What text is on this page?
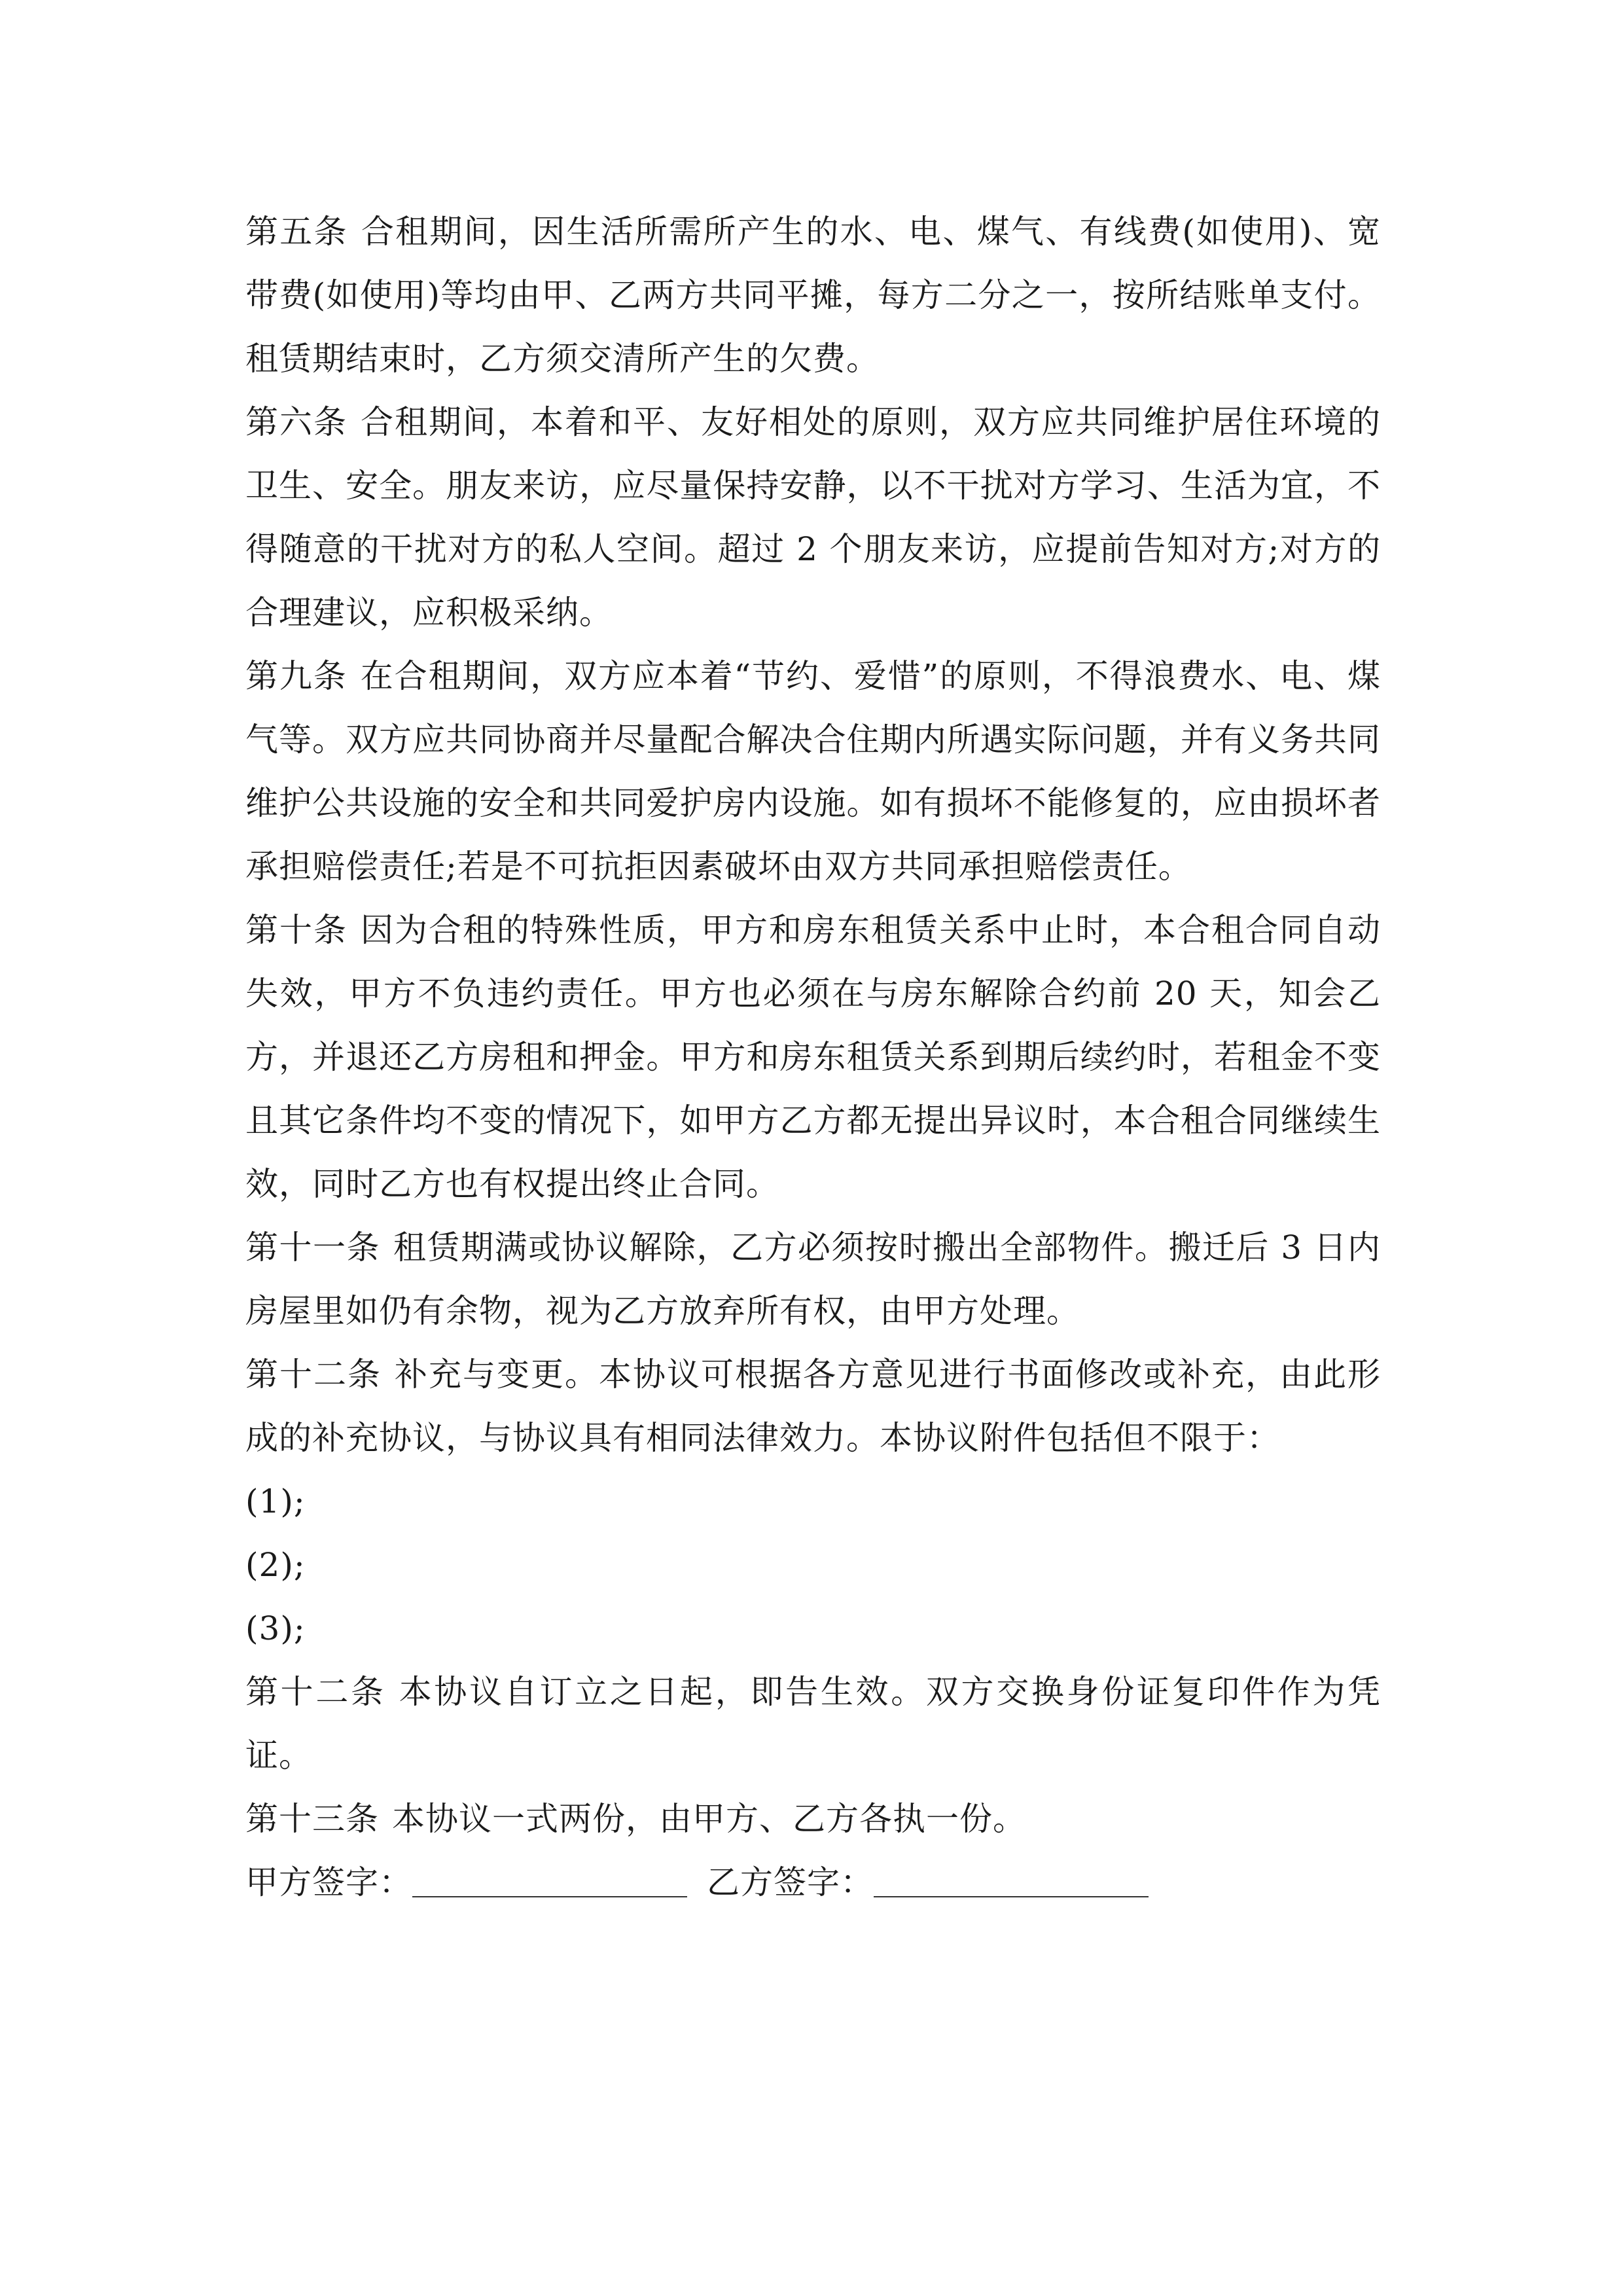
第五条 合租期间，因生活所需所产生的水、电、煤气、有线费(如使用)、宽带费(如使用)等均由甲、乙两方共同平摊，每方二分之一，按所结账单支付。租赁期结束时，乙方须交清所产生的欠费。

第六条 合租期间，本着和平、友好相处的原则，双方应共同维护居住环境的卫生、安全。朋友来访，应尽量保持安静，以不干扰对方学习、生活为宜，不得随意的干扰对方的私人空间。超过 2 个朋友来访，应提前告知对方;对方的合理建议，应积极采纳。

第九条 在合租期间，双方应本着“节约、爱惜”的原则，不得浪费水、电、煤气等。双方应共同协商并尽量配合解决合住期内所遇实际问题，并有义务共同维护公共设施的安全和共同爱护房内设施。如有损坏不能修复的，应由损坏者承担赔偿责任;若是不可抗拒因素破坏由双方共同承担赔偿责任。

第十条 因为合租的特殊性质，甲方和房东租赁关系中止时，本合租合同自动失效，甲方不负违约责任。甲方也必须在与房东解除合约前 20 天，知会乙方，并退还乙方房租和押金。甲方和房东租赁关系到期后续约时，若租金不变且其它条件均不变的情况下，如甲方乙方都无提出异议时，本合租合同继续生效，同时乙方也有权提出终止合同。

第十一条 租赁期满或协议解除，乙方必须按时搬出全部物件。搬迁后 3 日内房屋里如仍有余物，视为乙方放弃所有权，由甲方处理。

第十二条 补充与变更。本协议可根据各方意见进行书面修改或补充，由此形成的补充协议，与协议具有相同法律效力。本协议附件包括但不限于：

(1);

(2);

(3);

第十二条 本协议自订立之日起，即告生效。双方交换身份证复印件作为凭证。

第十三条 本协议一式两份，由甲方、乙方各执一份。

甲方签字：	乙方签字：
